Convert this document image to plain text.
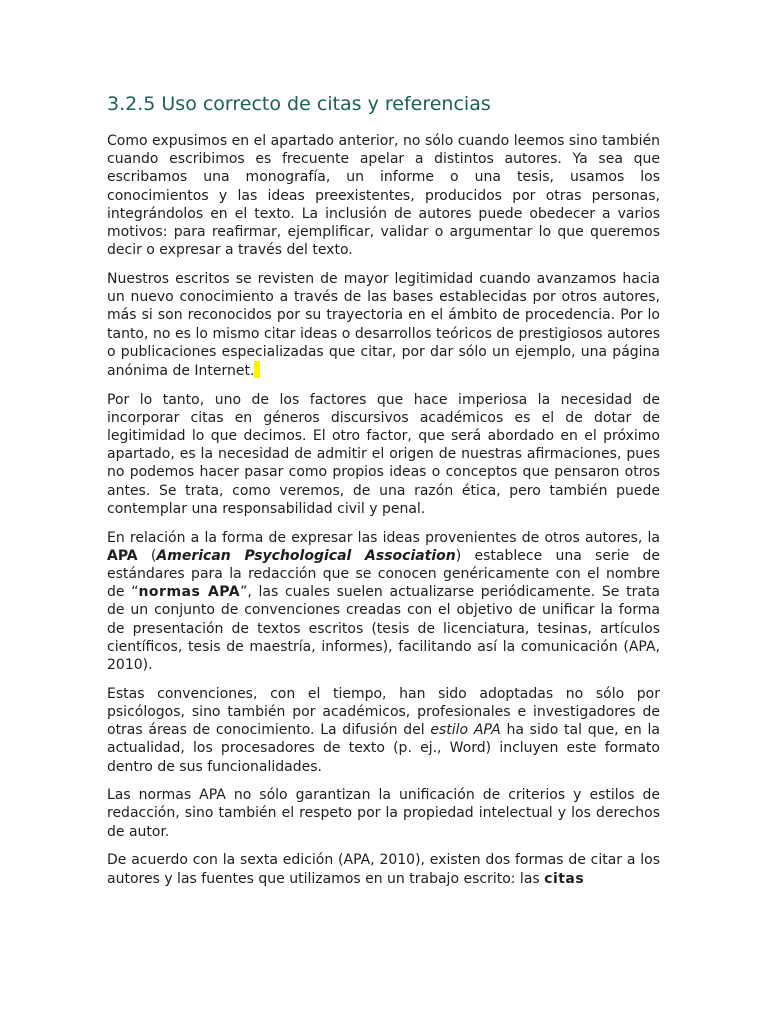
3.2.5 Uso correcto de citas y referencias

Como expusimos en el apartado anterior, no sólo cuando leemos sino también cuando escribimos es frecuente apelar a distintos autores. Ya sea que escribamos una monografía, un informe o una tesis, usamos los conocimientos y las ideas preexistentes, producidos por otras personas, integrándolos en el texto. La inclusión de autores puede obedecer a varios motivos: para reafirmar, ejemplificar, validar o argumentar lo que queremos decir o expresar a través del texto.

Nuestros escritos se revisten de mayor legitimidad cuando avanzamos hacia un nuevo conocimiento a través de las bases establecidas por otros autores, más si son reconocidos por su trayectoria en el ámbito de procedencia. Por lo tanto, no es lo mismo citar ideas o desarrollos teóricos de prestigiosos autores o publicaciones especializadas que citar, por dar sólo un ejemplo, una página anónima de Internet.

Por lo tanto, uno de los factores que hace imperiosa la necesidad de incorporar citas en géneros discursivos académicos es el de dotar de legitimidad lo que decimos. El otro factor, que será abordado en el próximo apartado, es la necesidad de admitir el origen de nuestras afirmaciones, pues no podemos hacer pasar como propios ideas o conceptos que pensaron otros antes. Se trata, como veremos, de una razón ética, pero también puede contemplar una responsabilidad civil y penal.

En relación a la forma de expresar las ideas provenientes de otros autores, la APA (American Psychological Association) establece una serie de estándares para la redacción que se conocen genéricamente con el nombre de “normas APA”, las cuales suelen actualizarse periódicamente. Se trata de un conjunto de convenciones creadas con el objetivo de unificar la forma de presentación de textos escritos (tesis de licenciatura, tesinas, artículos científicos, tesis de maestría, informes), facilitando así la comunicación (APA, 2010).

Estas convenciones, con el tiempo, han sido adoptadas no sólo por psicólogos, sino también por académicos, profesionales e investigadores de otras áreas de conocimiento. La difusión del estilo APA ha sido tal que, en la actualidad, los procesadores de texto (p. ej., Word) incluyen este formato dentro de sus funcionalidades.

Las normas APA no sólo garantizan la unificación de criterios y estilos de redacción, sino también el respeto por la propiedad intelectual y los derechos de autor.

De acuerdo con la sexta edición (APA, 2010), existen dos formas de citar a los autores y las fuentes que utilizamos en un trabajo escrito: las citas
